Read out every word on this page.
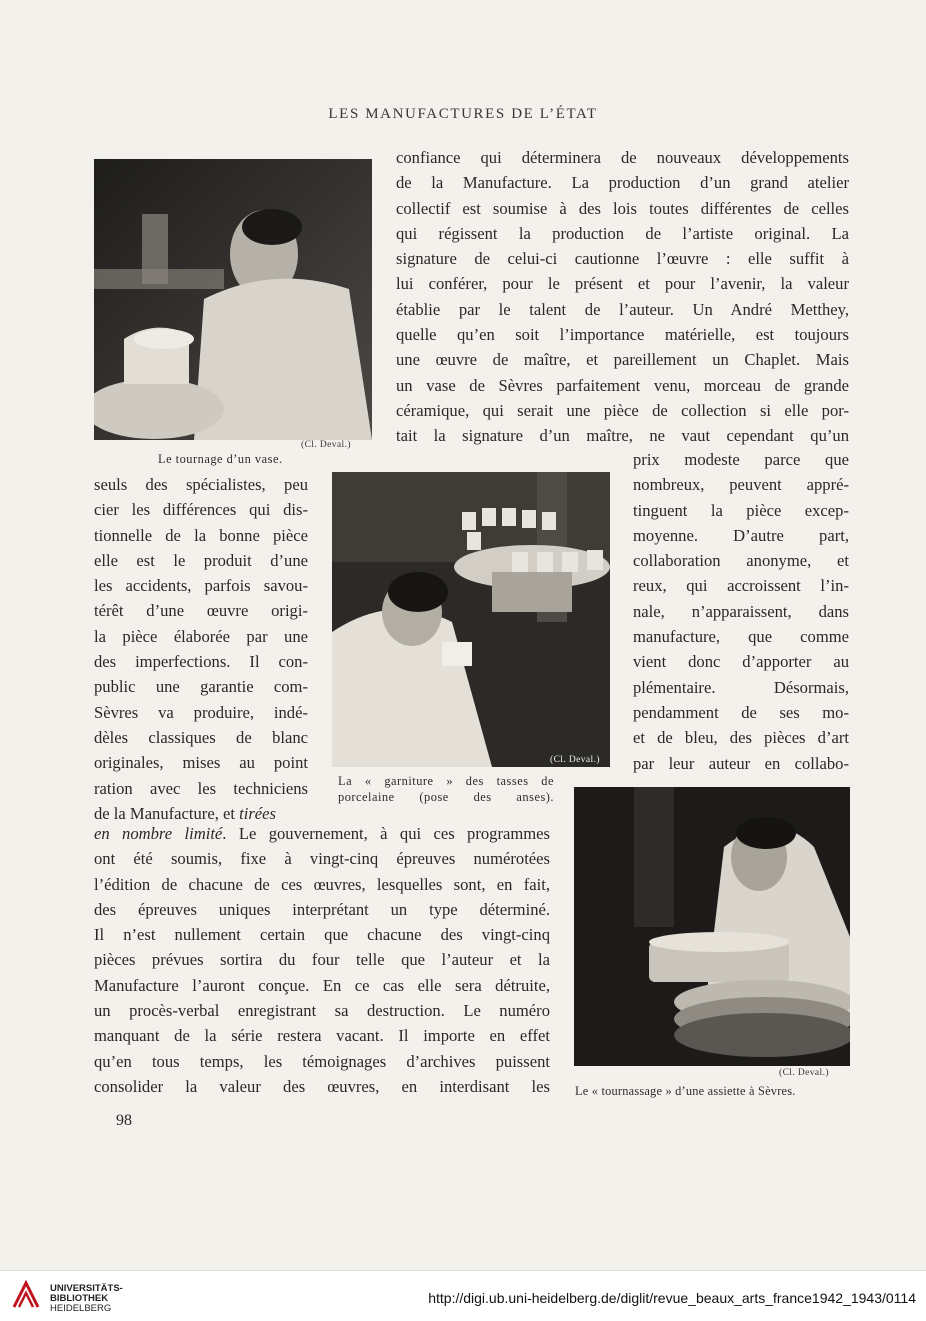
LES MANUFACTURES DE L’ÉTAT
(Cl. Deval.)
Le tournage d’un vase.
confiance qui déterminera de nouveaux développements
de la Manufacture. La production d’un grand atelier
collectif est soumise à des lois toutes différentes de celles
qui régissent la production de l’artiste original. La
signature de celui-ci cautionne l’œuvre : elle suffit à
lui conférer, pour le présent et pour l’avenir, la valeur
établie par le talent de l’auteur. Un André Metthey,
quelle qu’en soit l’importance matérielle, est toujours
une œuvre de maître, et pareillement un Chaplet. Mais
un vase de Sèvres parfaitement venu, morceau de grande
céramique, qui serait une pièce de collection si elle por-
tait la signature d’un maître, ne vaut cependant qu’un
seuls des spécialistes, peu
cier les différences qui dis-
tionnelle de la bonne pièce
elle est le produit d’une
les accidents, parfois savou-
térêt d’une œuvre origi-
la pièce élaborée par une
des imperfections. Il con-
public une garantie com-
Sèvres va produire, indé-
dèles classiques de blanc
originales, mises au point
ration avec les techniciens
de la Manufacture, et tirées
(Cl. Deval.)
La « garniture » des tasses de
porcelaine (pose des anses).
prix modeste parce que
nombreux, peuvent appré-
tinguent la pièce excep-
moyenne. D’autre part,
collaboration anonyme, et
reux, qui accroissent l’in-
nale, n’apparaissent, dans
manufacture, que comme
vient donc d’apporter au
plémentaire. Désormais,
pendamment de ses mo-
et de bleu, des pièces d’art
par leur auteur en collabo-
en nombre limité. Le gouvernement, à qui ces programmes
ont été soumis, fixe à vingt-cinq épreuves numérotées
l’édition de chacune de ces œuvres, lesquelles sont, en fait,
des épreuves uniques interprétant un type déterminé.
Il n’est nullement certain que chacune des vingt-cinq
pièces prévues sortira du four telle que l’auteur et la
Manufacture l’auront conçue. En ce cas elle sera détruite,
un procès-verbal enregistrant sa destruction. Le numéro
manquant de la série restera vacant. Il importe en effet
qu’en tous temps, les témoignages d’archives puissent
consolider la valeur des œuvres, en interdisant les
(Cl. Deval.)
Le « tournassage » d’une assiette à Sèvres.
98
UNIVERSITÄTS-
BIBLIOTHEK
HEIDELBERG
http://digi.ub.uni-heidelberg.de/diglit/revue_beaux_arts_france1942_1943/0114
